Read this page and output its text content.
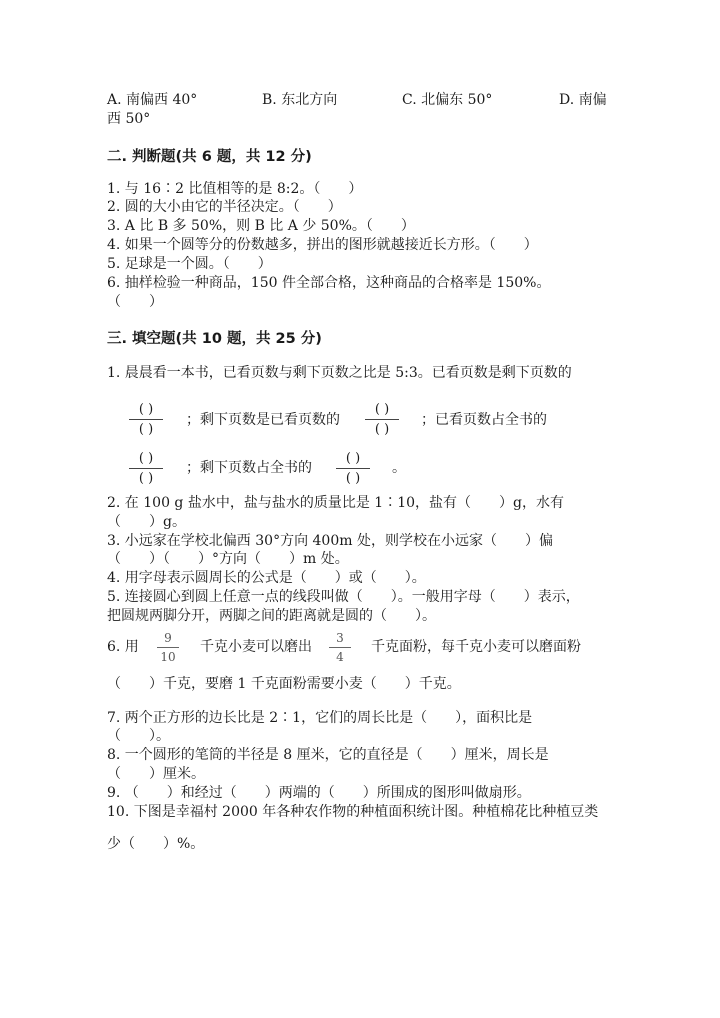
A. 南偏西 40°	B. 东北方向	C. 北偏东 50°	D. 南偏
西 50°
二. 判断题(共 6 题，共 12 分)
1. 与 16∶2 比值相等的是 8:2。（　　）
2. 圆的大小由它的半径决定。（　　）
3. A 比 B 多 50%，则 B 比 A 少 50%。（　　）
4. 如果一个圆等分的份数越多，拼出的图形就越接近长方形。（　　）
5. 足球是一个圆。（　　）
6. 抽样检验一种商品，150 件全部合格，这种商品的合格率是 150%。
（　　）
三. 填空题(共 10 题，共 25 分)
1. 晨晨看一本书，已看页数与剩下页数之比是 5:3。已看页数是剩下页数的
( )
( )
；剩下页数是已看页数的
( )
( )
；已看页数占全书的
( )
( )
；剩下页数占全书的
( )
( )
。
2. 在 100 g 盐水中，盐与盐水的质量比是 1∶10，盐有（　　）g，水有
（　　）g。
3. 小远家在学校北偏西 30°方向 400m 处，则学校在小远家（　　）偏
（　　）（　　）°方向（　　）m 处。
4. 用字母表示圆周长的公式是（　　）或（　　）。
5. 连接圆心到圆上任意一点的线段叫做（　　）。一般用字母（　　）表示，
把圆规两脚分开，两脚之间的距离就是圆的（　　）。
6. 用
9
10
千克小麦可以磨出
3
4
千克面粉，每千克小麦可以磨面粉
（　　）千克，要磨 1 千克面粉需要小麦（　　）千克。
7. 两个正方形的边长比是 2∶1，它们的周长比是（　　），面积比是
（　　）。
8. 一个圆形的笔筒的半径是 8 厘米，它的直径是（　　）厘米，周长是
（　　）厘米。
9. （　　）和经过（　　）两端的（　　）所围成的图形叫做扇形。
10. 下图是幸福村 2000 年各种农作物的种植面积统计图。种植棉花比种植豆类
少（　　）%。
